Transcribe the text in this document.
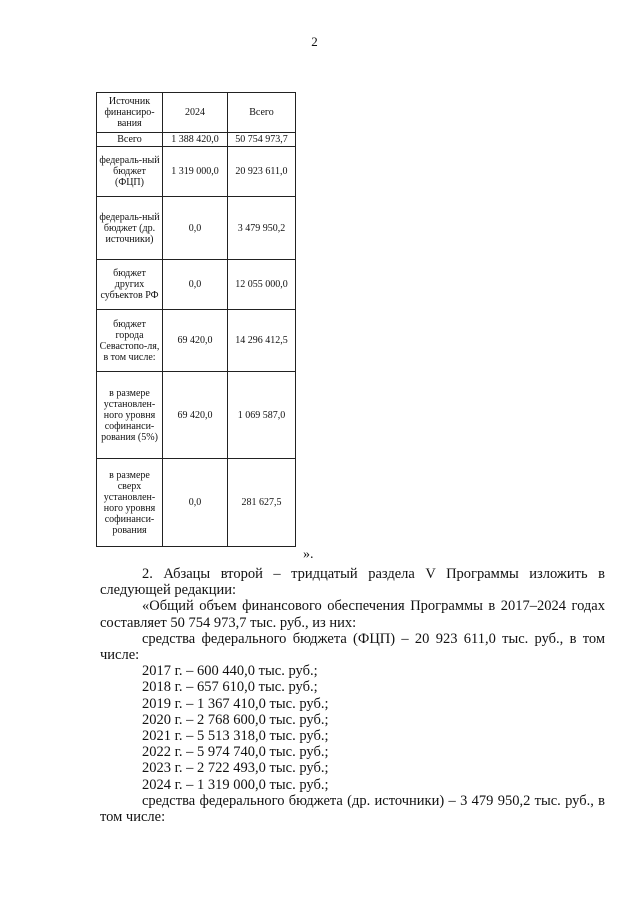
2
Источник финансиро-вания	2024	Всего
Всего	1 388 420,0	50 754 973,7
федераль-ный бюджет (ФЦП)	1 319 000,0	20 923 611,0
федераль-ный бюджет (др. источники)	0,0	3 479 950,2
бюджет других субъектов РФ	0,0	12 055 000,0
бюджет города Севастопо-ля, в том числе:	69 420,0	14 296 412,5
в размере установлен-ного уровня софинанси-рования (5%)	69 420,0	1 069 587,0
в размере сверх установлен-ного уровня софинанси-рования	0,0	281 627,5
».

2. Абзацы второй – тридцатый раздела V Программы изложить в следующей редакции:

«Общий объем финансового обеспечения Программы в 2017–2024 годах составляет 50 754 973,7 тыс. руб., из них:

средства федерального бюджета (ФЦП) – 20 923 611,0 тыс. руб., в том числе:

2017 г. – 600 440,0 тыс. руб.;
2018 г. – 657 610,0 тыс. руб.;
2019 г. – 1 367 410,0 тыс. руб.;
2020 г. – 2 768 600,0 тыс. руб.;
2021 г. – 5 513 318,0 тыс. руб.;
2022 г. – 5 974 740,0 тыс. руб.;
2023 г. – 2 722 493,0 тыс. руб.;
2024 г. – 1 319 000,0 тыс. руб.;

средства федерального бюджета (др. источники) – 3 479 950,2 тыс. руб., в том числе:
